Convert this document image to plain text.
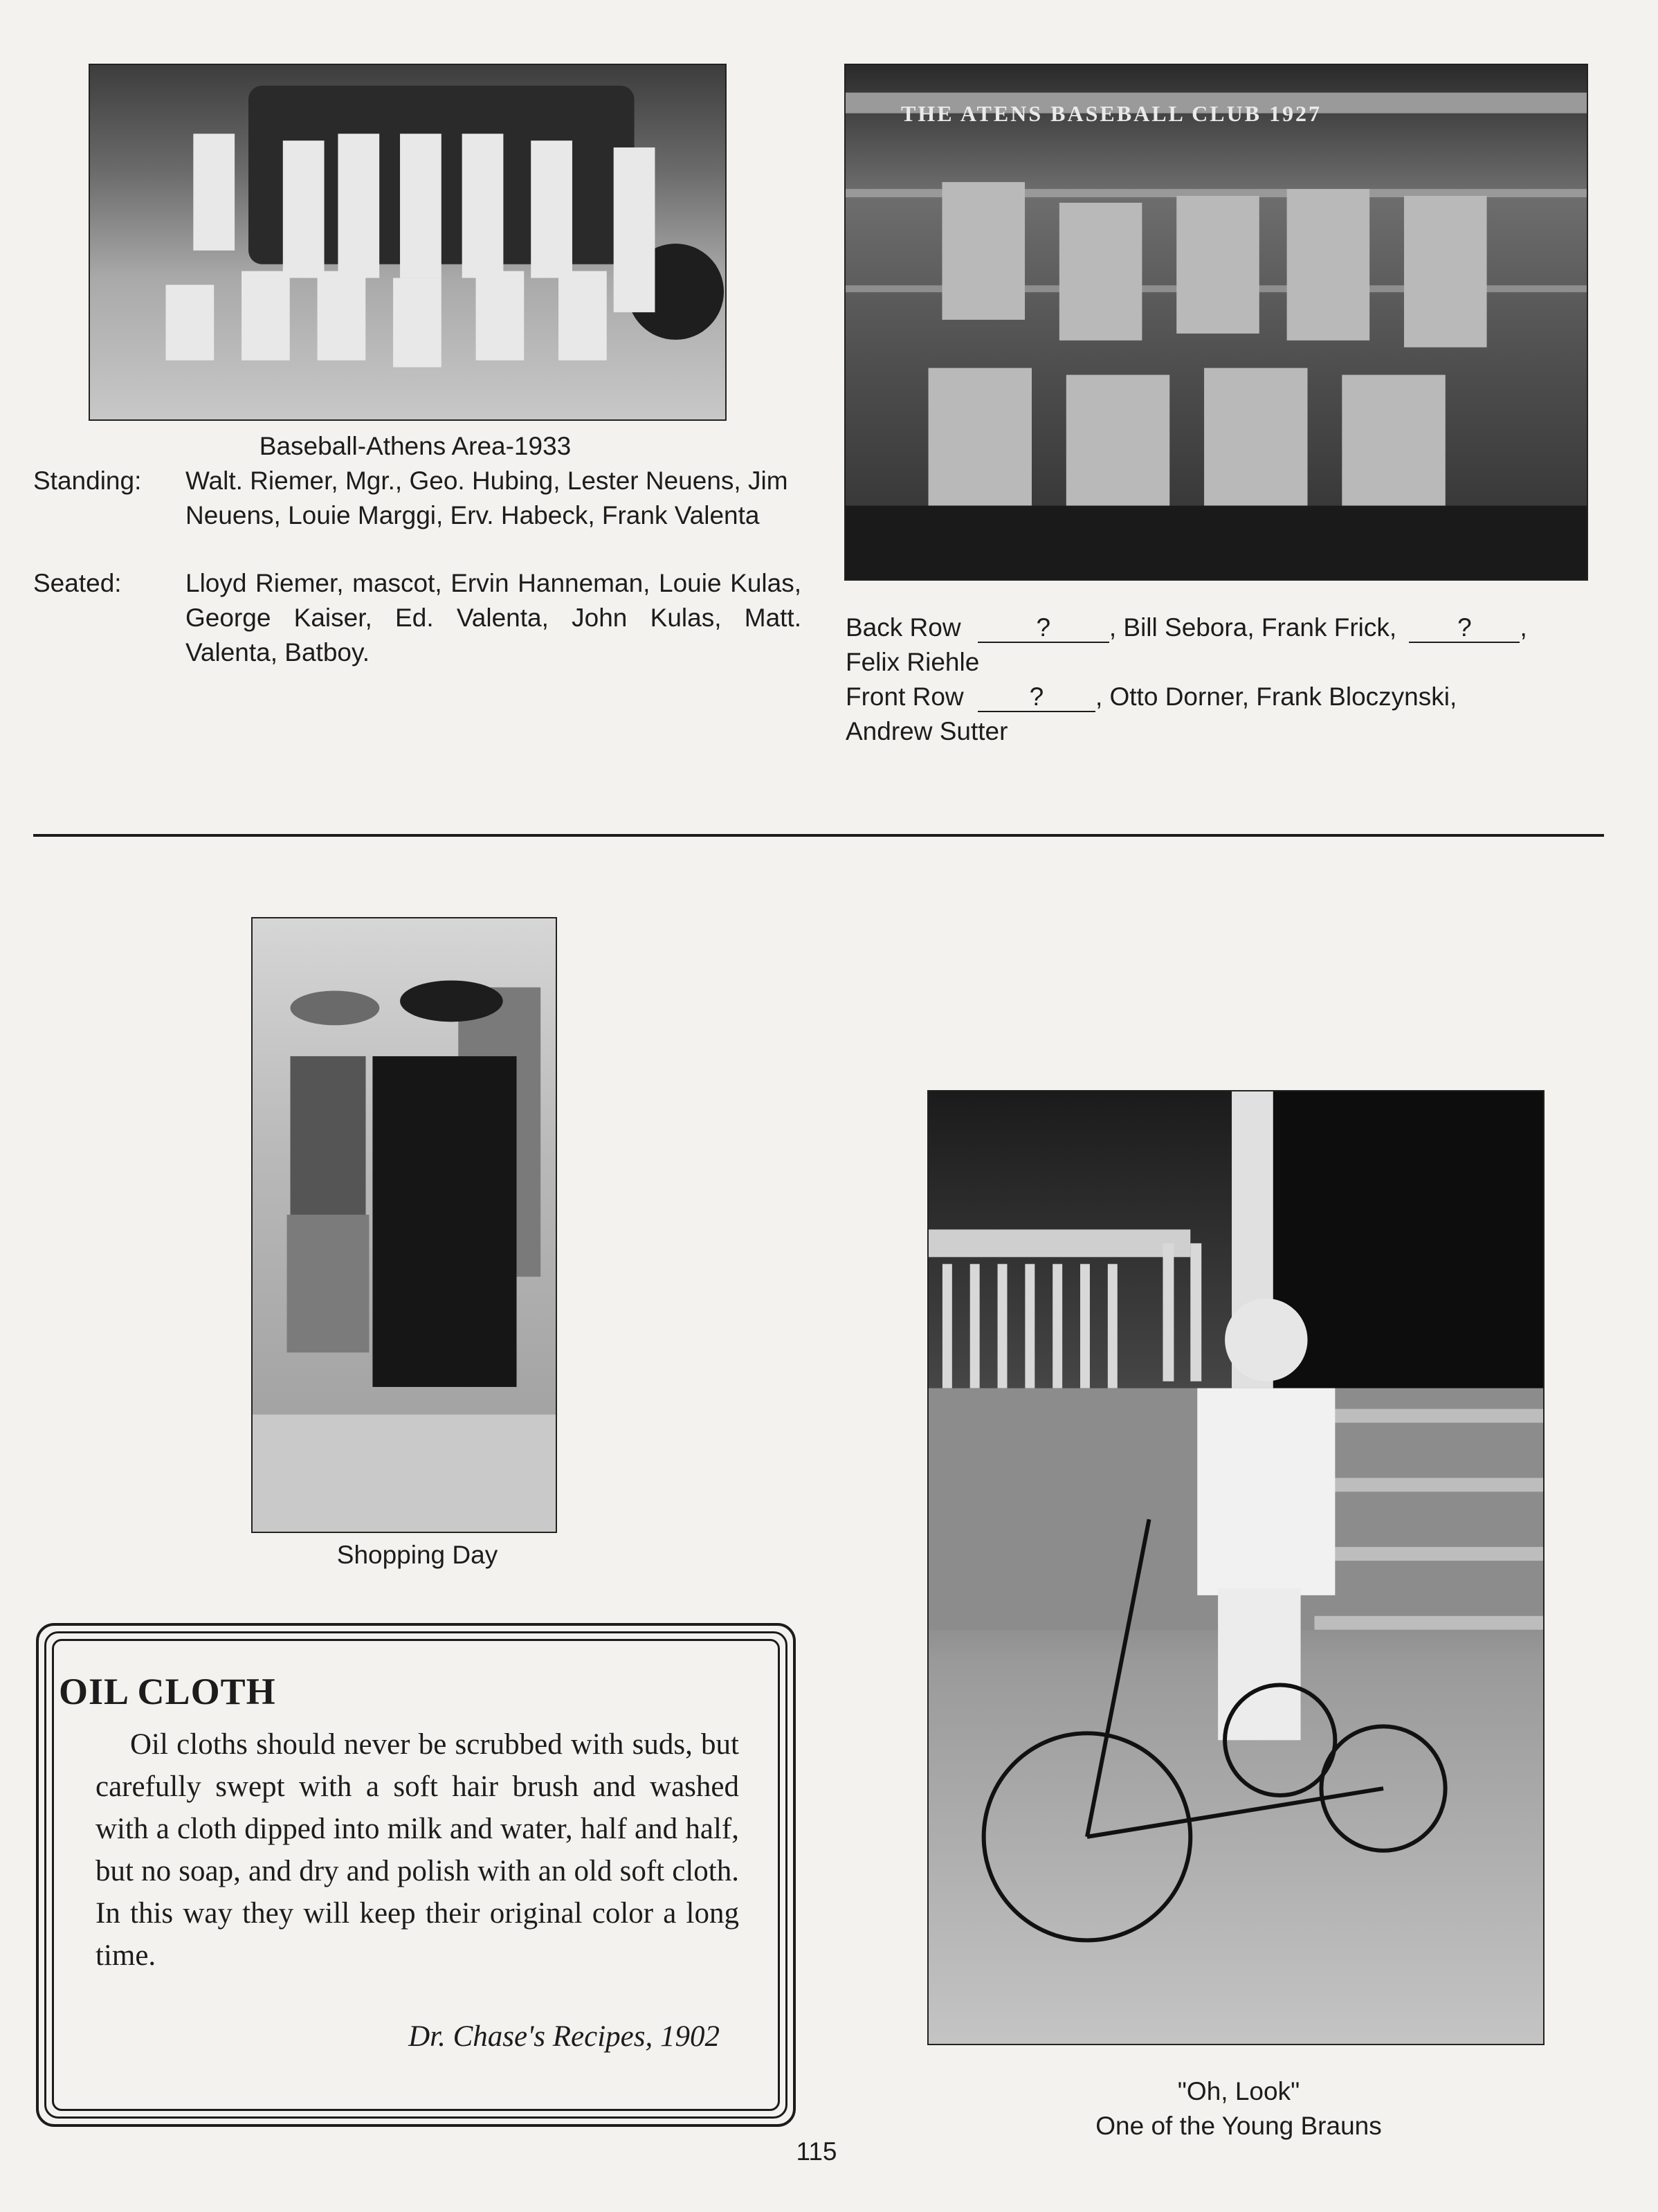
Baseball-Athens Area-1933
Standing:	Walt. Riemer, Mgr., Geo. Hubing, Lester Neuens, Jim Neuens, Louie Marggi, Erv. Habeck, Frank Valenta
Seated:	Lloyd Riemer, mascot, Ervin Hanneman, Louie Kulas, George Kaiser, Ed. Valenta, John Kulas, Matt. Valenta, Batboy.
THE ATENS BASEBALL CLUB 1927
Back Row	? , Bill Sebora, Frank Frick, ? ,
Felix Riehle
Front Row	? , Otto Dorner, Frank Bloczynski,
Andrew Sutter
Shopping Day
OIL CLOTH
Oil cloths should never be scrubbed with suds, but carefully swept with a soft hair brush and washed with a cloth dipped into milk and water, half and half, but no soap, and dry and polish with an old soft cloth. In this way they will keep their original color a long time.
Dr. Chase's Recipes, 1902
"Oh, Look"
One of the Young Brauns
115
